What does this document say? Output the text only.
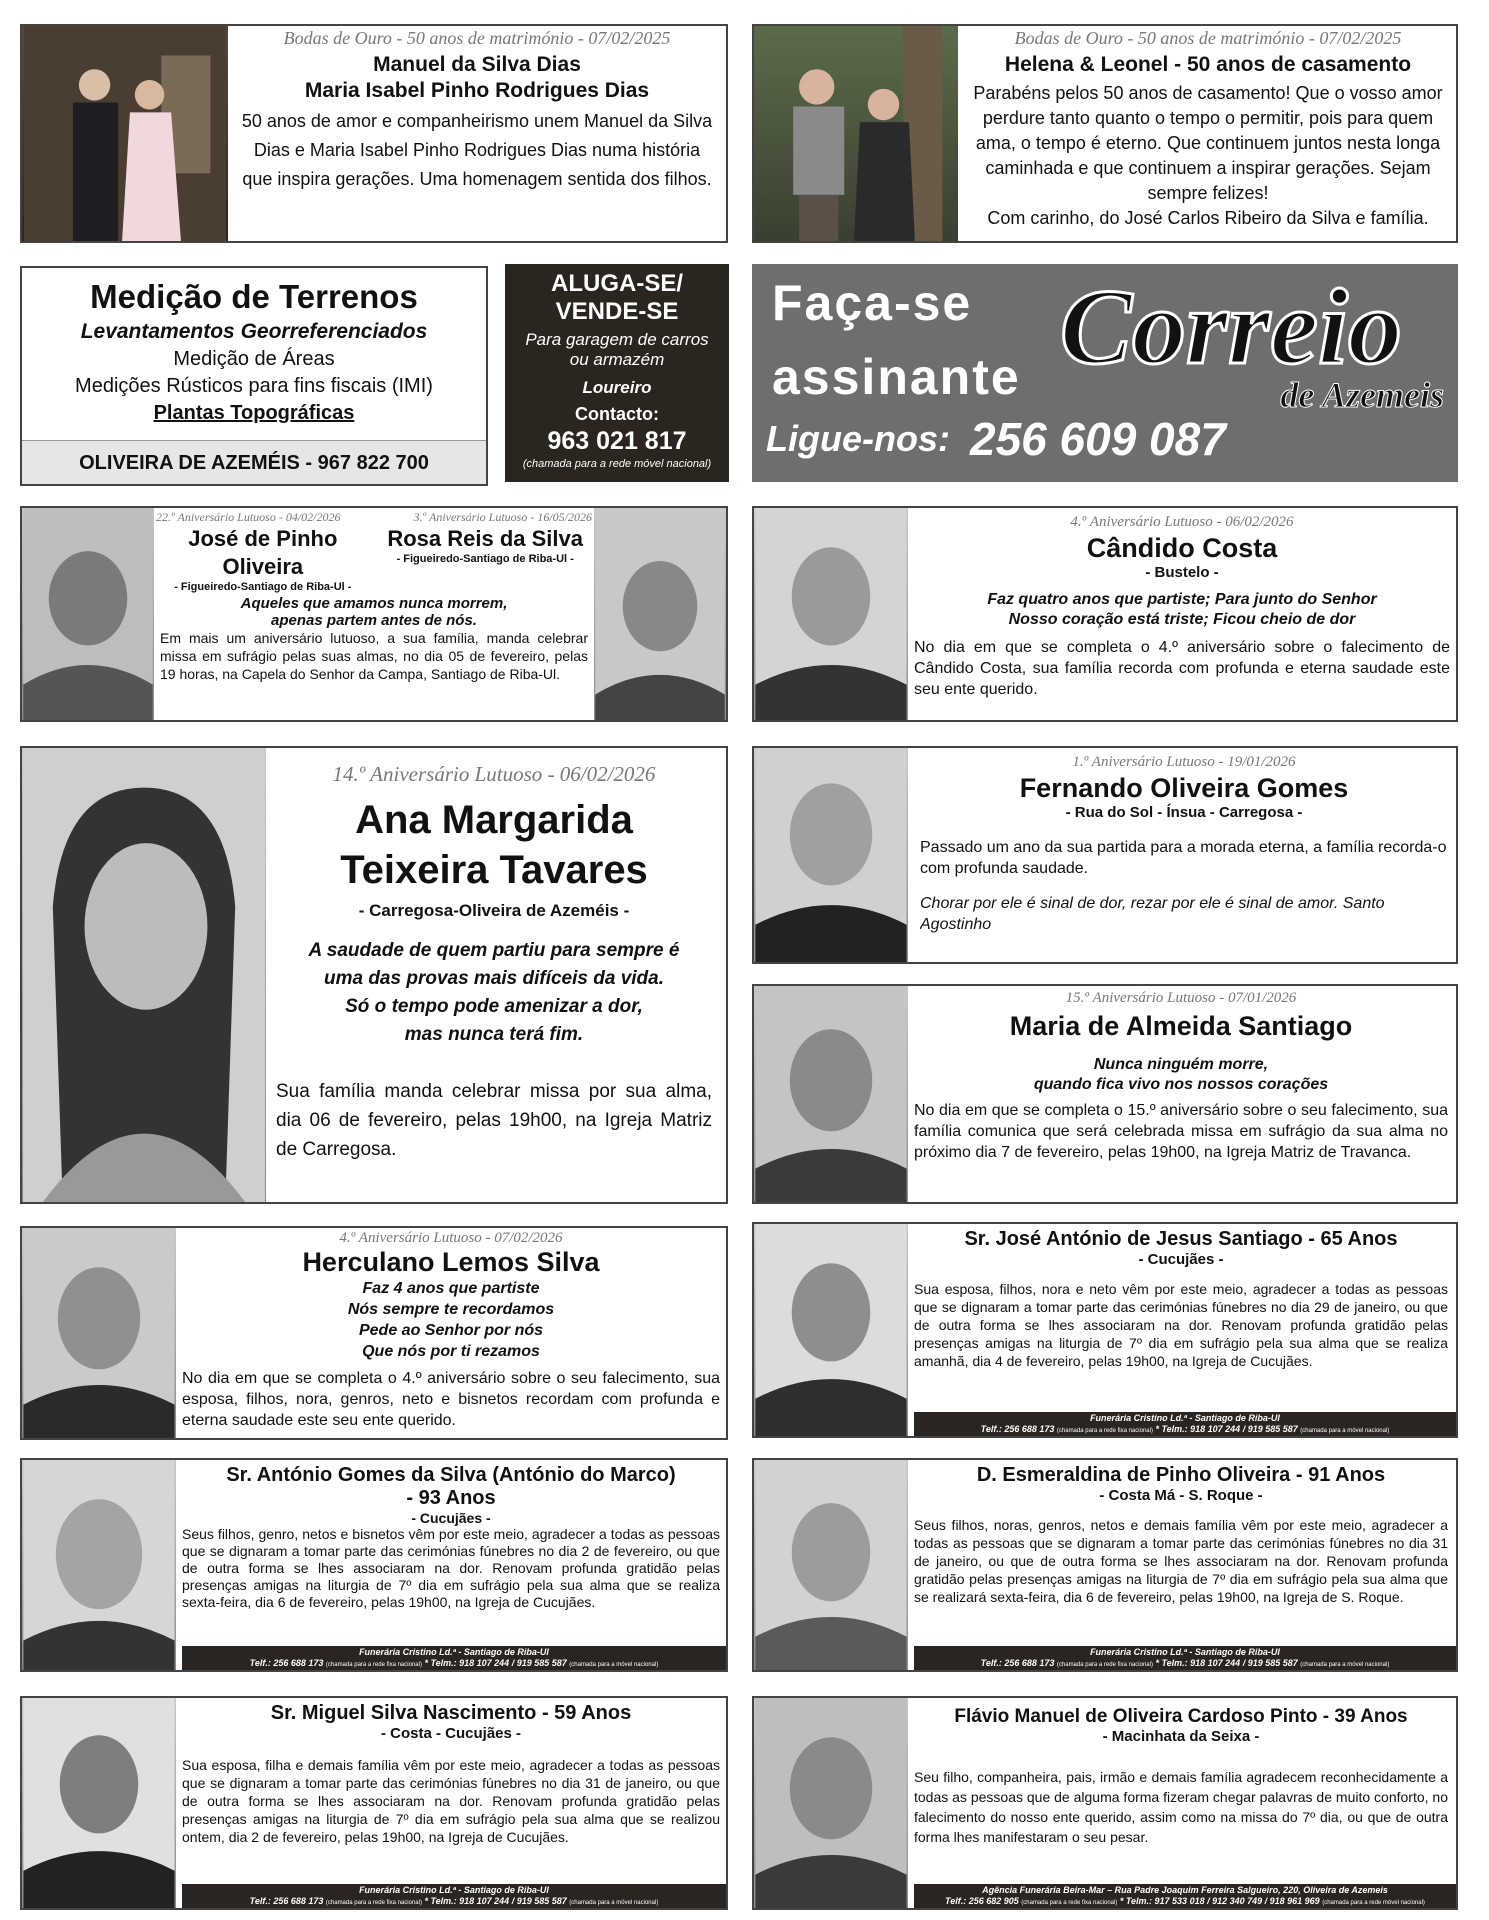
Bodas de Ouro - 50 anos de matrimónio - 07/02/2025
Manuel da Silva Dias
Maria Isabel Pinho Rodrigues Dias
50 anos de amor e companheirismo unem Manuel da Silva Dias e Maria Isabel Pinho Rodrigues Dias numa história que inspira gerações. Uma homenagem sentida dos filhos.
Bodas de Ouro - 50 anos de matrimónio - 07/02/2025
Helena & Leonel - 50 anos de casamento
Parabéns pelos 50 anos de casamento! Que o vosso amor perdure tanto quanto o tempo o permitir, pois para quem ama, o tempo é eterno. Que continuem juntos nesta longa caminhada e que continuem a inspirar gerações. Sejam sempre felizes!
Com carinho, do José Carlos Ribeiro da Silva e família.
Medição de Terrenos
Levantamentos Georreferenciados
Medição de Áreas
Medições Rústicos para fins fiscais (IMI)
Plantas Topográficas
OLIVEIRA DE AZEMÉIS - 967 822 700
ALUGA-SE/
VENDE-SE
Para garagem de carros
ou armazém
Loureiro
Contacto:
963 021 817
(chamada para a rede móvel nacional)
Faça-se
assinante Correio
de Azemeis
Ligue-nos: 256 609 087
22.º Aniversário Lutuoso - 04/02/2026	3.º Aniversário Lutuoso - 16/05/2026
José de Pinho Oliveira
- Figueiredo-Santiago de Riba-Ul -
Rosa Reis da Silva
- Figueiredo-Santiago de Riba-Ul -
Aqueles que amamos nunca morrem,
apenas partem antes de nós.
Em mais um aniversário lutuoso, a sua família, manda celebrar missa em sufrágio pelas suas almas, no dia 05 de fevereiro, pelas 19 horas, na Capela do Senhor da Campa, Santiago de Riba-Ul.
4.º Aniversário Lutuoso - 06/02/2026
Cândido Costa
- Bustelo -
Faz quatro anos que partiste; Para junto do Senhor
Nosso coração está triste; Ficou cheio de dor
No dia em que se completa o 4.º aniversário sobre o falecimento de Cândido Costa, sua família recorda com profunda e eterna saudade este seu ente querido.
14.º Aniversário Lutuoso - 06/02/2026
Ana Margarida
Teixeira Tavares
- Carregosa-Oliveira de Azeméis -
A saudade de quem partiu para sempre é
uma das provas mais difíceis da vida.
Só o tempo pode amenizar a dor,
mas nunca terá fim.
Sua família manda celebrar missa por sua alma, dia 06 de fevereiro, pelas 19h00, na Igreja Matriz de Carregosa.
1.º Aniversário Lutuoso - 19/01/2026
Fernando Oliveira Gomes
- Rua do Sol - Ínsua - Carregosa -
Passado um ano da sua partida para a morada eterna, a família recorda-o com profunda saudade.
Chorar por ele é sinal de dor, rezar por ele é sinal de amor. Santo Agostinho
15.º Aniversário Lutuoso - 07/01/2026
Maria de Almeida Santiago
Nunca ninguém morre,
quando fica vivo nos nossos corações
No dia em que se completa o 15.º aniversário sobre o seu falecimento, sua família comunica que será celebrada missa em sufrágio da sua alma no próximo dia 7 de fevereiro, pelas 19h00, na Igreja Matriz de Travanca.
4.º Aniversário Lutuoso - 07/02/2026
Herculano Lemos Silva
Faz 4 anos que partiste
Nós sempre te recordamos
Pede ao Senhor por nós
Que nós por ti rezamos
No dia em que se completa o 4.º aniversário sobre o seu falecimento, sua esposa, filhos, nora, genros, neto e bisnetos recordam com profunda e eterna saudade este seu ente querido.
Sr. José António de Jesus Santiago - 65 Anos
- Cucujães -
Sua esposa, filhos, nora e neto vêm por este meio, agradecer a todas as pessoas que se dignaram a tomar parte das cerimónias fúnebres no dia 29 de janeiro, ou que de outra forma se lhes associaram na dor. Renovam profunda gratidão pelas presenças amigas na liturgia de 7º dia em sufrágio pela sua alma que se realiza amanhã, dia 4 de fevereiro, pelas 19h00, na Igreja de Cucujães.
Funerária Cristino Ld.ª - Santiago de Riba-Ul
Telf.: 256 688 173 (chamada para a rede fixa nacional) * Telm.: 918 107 244 / 919 585 587 (chamada para a móvel nacional)
Sr. António Gomes da Silva (António do Marco)
- 93 Anos
- Cucujães -
Seus filhos, genro, netos e bisnetos vêm por este meio, agradecer a todas as pessoas que se dignaram a tomar parte das cerimónias fúnebres no dia 2 de fevereiro, ou que de outra forma se lhes associaram na dor. Renovam profunda gratidão pelas presenças amigas na liturgia de 7º dia em sufrágio pela sua alma que se realiza sexta-feira, dia 6 de fevereiro, pelas 19h00, na Igreja de Cucujães.
Funerária Cristino Ld.ª - Santiago de Riba-Ul
Telf.: 256 688 173 (chamada para a rede fixa nacional) * Telm.: 918 107 244 / 919 585 587 (chamada para a móvel nacional)
D. Esmeraldina de Pinho Oliveira - 91 Anos
- Costa Má - S. Roque -
Seus filhos, noras, genros, netos e demais família vêm por este meio, agradecer a todas as pessoas que se dignaram a tomar parte das cerimónias fúnebres no dia 31 de janeiro, ou que de outra forma se lhes associaram na dor. Renovam profunda gratidão pelas presenças amigas na liturgia de 7º dia em sufrágio pela sua alma que se realizará sexta-feira, dia 6 de fevereiro, pelas 19h00, na Igreja de S. Roque.
Funerária Cristino Ld.ª - Santiago de Riba-Ul
Telf.: 256 688 173 (chamada para a rede fixa nacional) * Telm.: 918 107 244 / 919 585 587 (chamada para a móvel nacional)
Sr. Miguel Silva Nascimento - 59 Anos
- Costa - Cucujães -
Sua esposa, filha e demais família vêm por este meio, agradecer a todas as pessoas que se dignaram a tomar parte das cerimónias fúnebres no dia 31 de janeiro, ou que de outra forma se lhes associaram na dor. Renovam profunda gratidão pelas presenças amigas na liturgia de 7º dia em sufrágio pela sua alma que se realizou ontem, dia 2 de fevereiro, pelas 19h00, na Igreja de Cucujães.
Funerária Cristino Ld.ª - Santiago de Riba-Ul
Telf.: 256 688 173 (chamada para a rede fixa nacional) * Telm.: 918 107 244 / 919 585 587 (chamada para a móvel nacional)
Flávio Manuel de Oliveira Cardoso Pinto - 39 Anos
- Macinhata da Seixa -
Seu filho, companheira, pais, irmão e demais família agradecem reconhecidamente a todas as pessoas que de alguma forma fizeram chegar palavras de muito conforto, no falecimento do nosso ente querido, assim como na missa do 7º dia, ou que de outra forma lhes manifestaram o seu pesar.
Agência Funerária Beira-Mar – Rua Padre Joaquim Ferreira Salgueiro, 220, Oliveira de Azemeis
Telf.: 256 682 905 (chamada para a rede fixa nacional) * Telm.: 917 533 018 / 912 340 749 / 918 961 969 (chamada para a rede móvel nacional)
